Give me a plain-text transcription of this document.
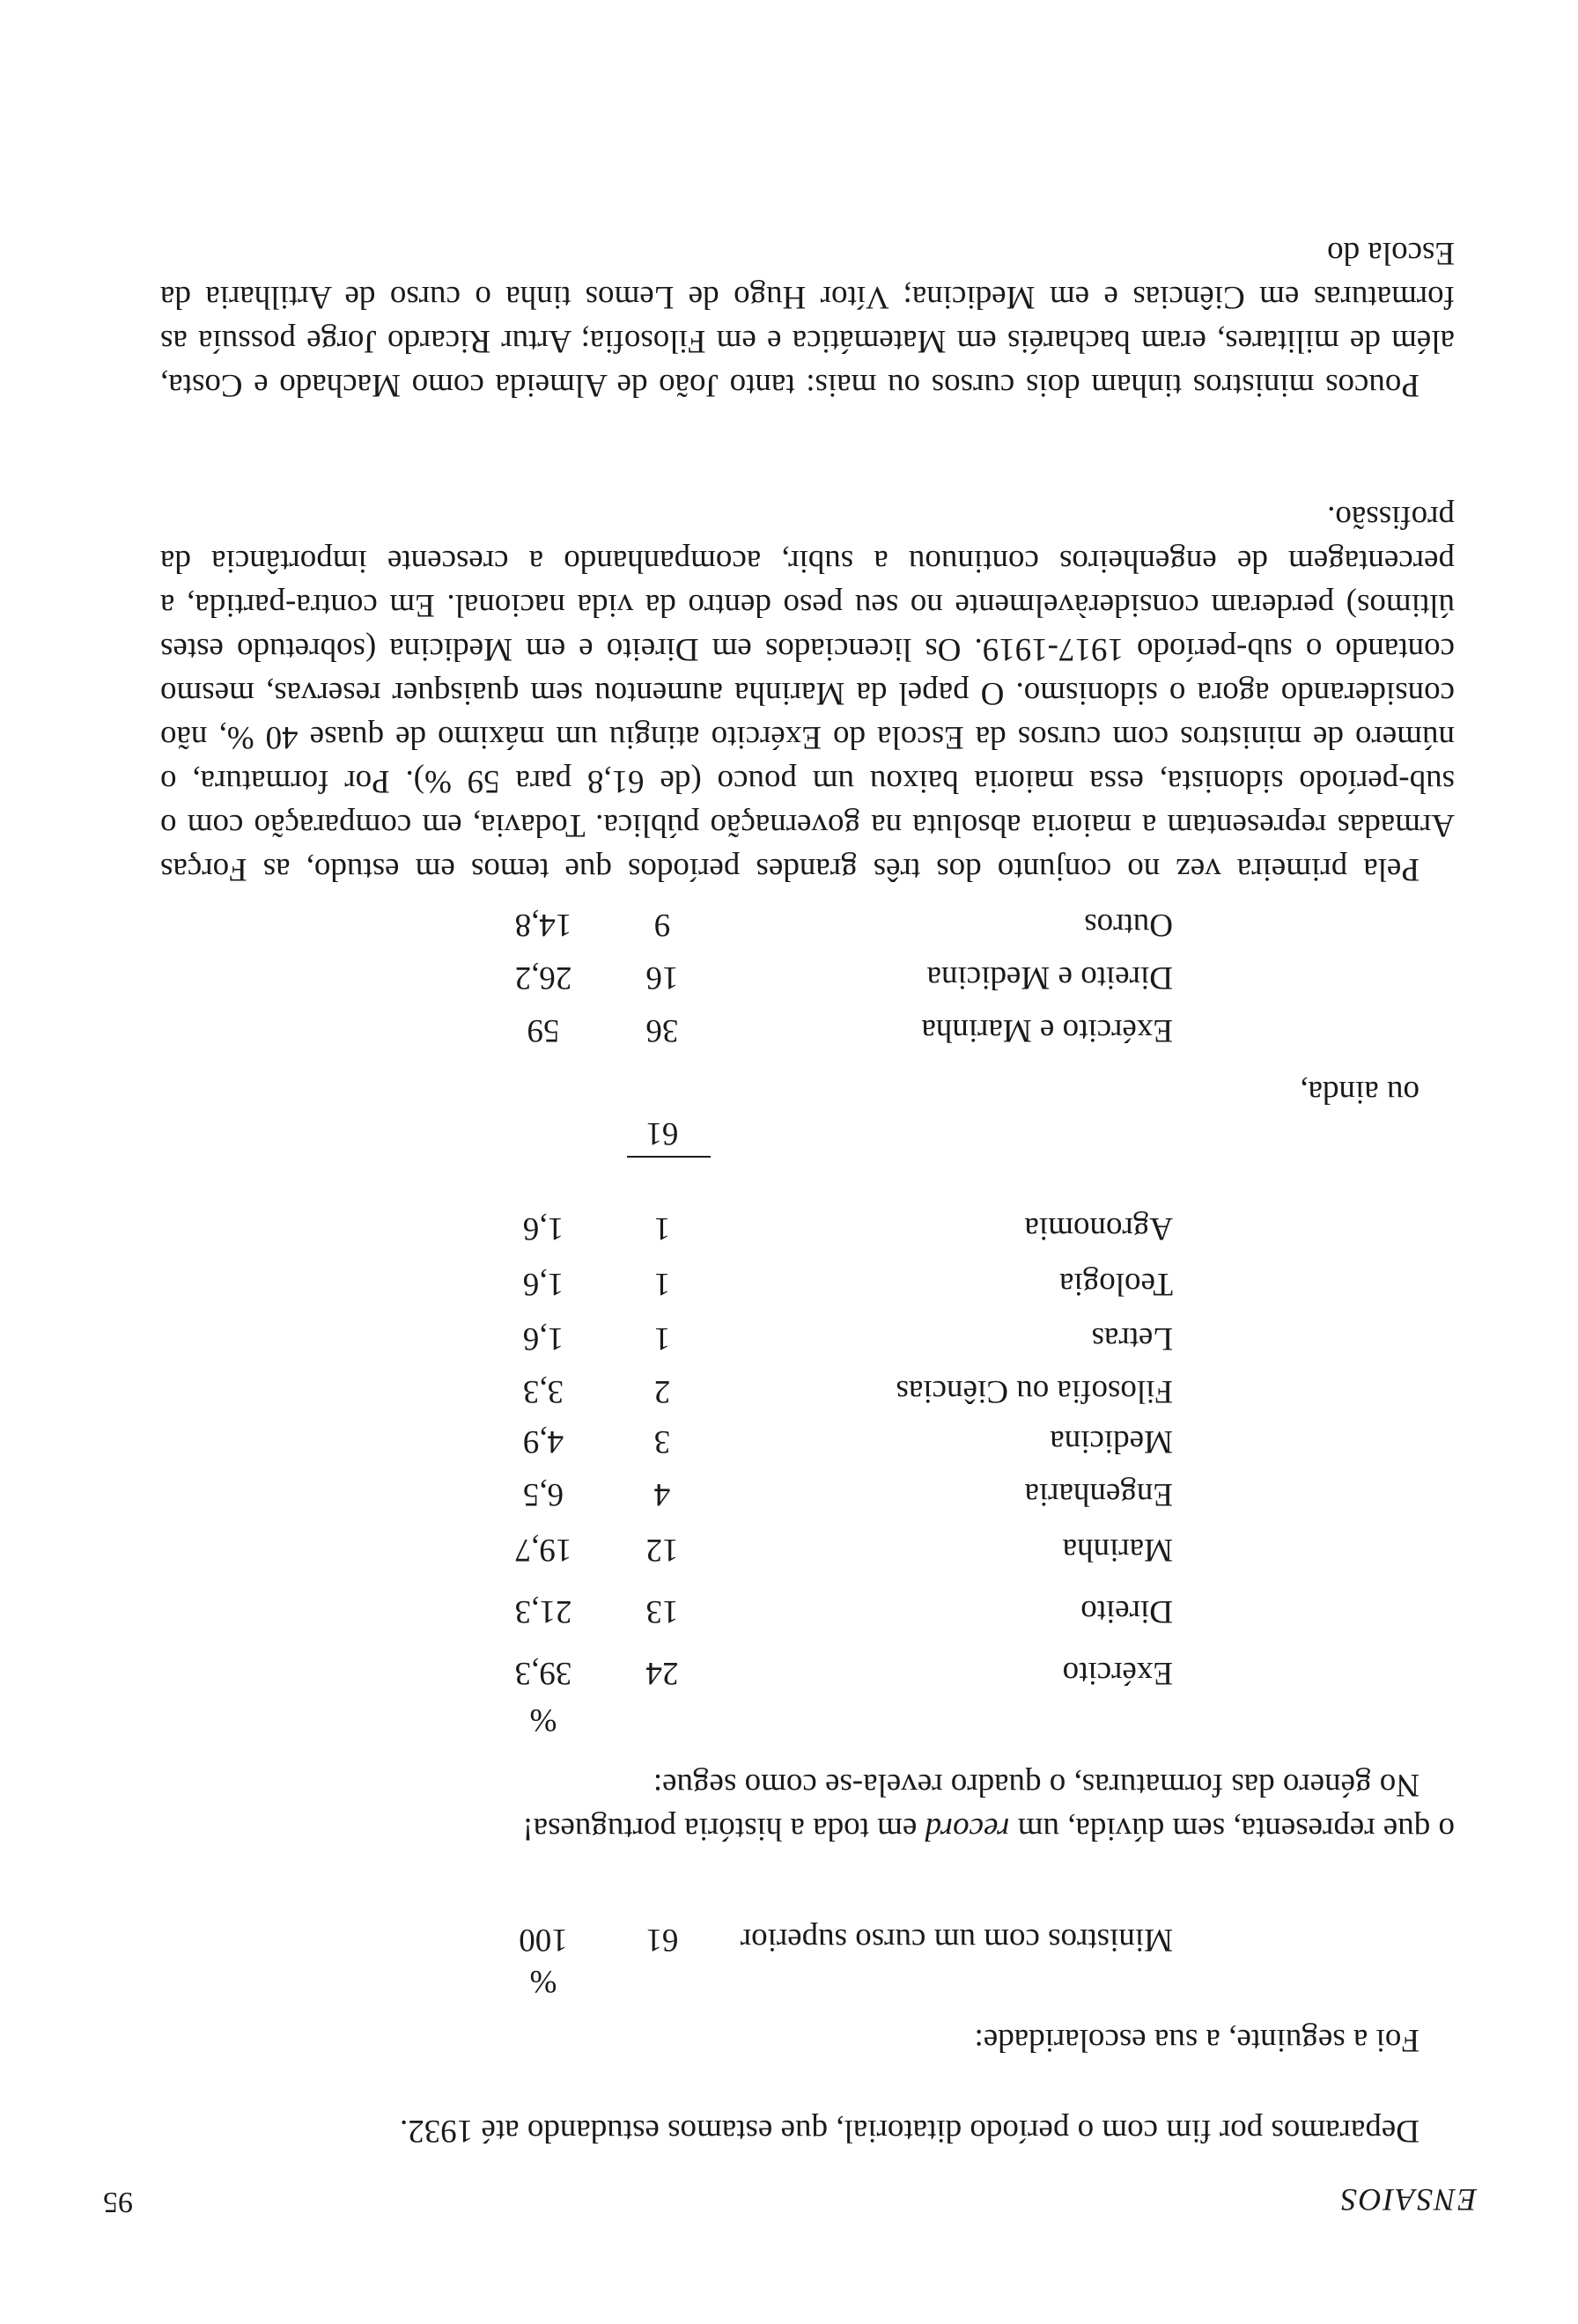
ENSAIOS
95

Deparamos por fim com o período ditatorial, que estamos estudando até 1932.

Foi a seguinte, a sua escolaridade:
%
Ministros com um curso superior
61
100
o que representa, sem dúvida, um record em toda a história portuguesa!
No género das formaturas, o quadro revela-se como segue:
%
Exército
24
39,3
Direito
13
21,3
Marinha
12
19,7
Engenharia
4
6,5
Medicina
3
4,9
Filosofia ou Ciências
2
3,3
Letras
1
1,6
Teologia
1
1,6
Agronomia
1
1,6
61
ou ainda,
Exército e Marinha
36
59
Direito e Medicina
16
26,2
Outros
9
14,8

Pela primeira vez no conjunto dos três grandes períodos que temos em estudo, as Forças Armadas representam a maioria absoluta na governação pública. Todavia, em comparação com o sub-período sidonista, essa maioria baixou um pouco (de 61,8 para 59 %). Por formatura, o número de ministros com cursos da Escola do Exército atingiu um máximo de quase 40 %, não considerando agora o sidonismo. O papel da Marinha aumentou sem quaisquer reservas, mesmo contando o sub-período 1917-1919. Os licenciados em Direito e em Medicina (sobretudo estes últimos) perderam consideràvelmente no seu peso dentro da vida nacional. Em contra-partida, a percentagem de engenheiros continuou a subir, acompanhando a crescente importância da profissão.

Poucos ministros tinham dois cursos ou mais: tanto João de Almeida como Machado e Costa, além de militares, eram bacharéis em Matemática e em Filosofia; Artur Ricardo Jorge possuía as formaturas em Ciências e em Medicina; Vítor Hugo de Lemos tinha o curso de Artilharia da Escola do
